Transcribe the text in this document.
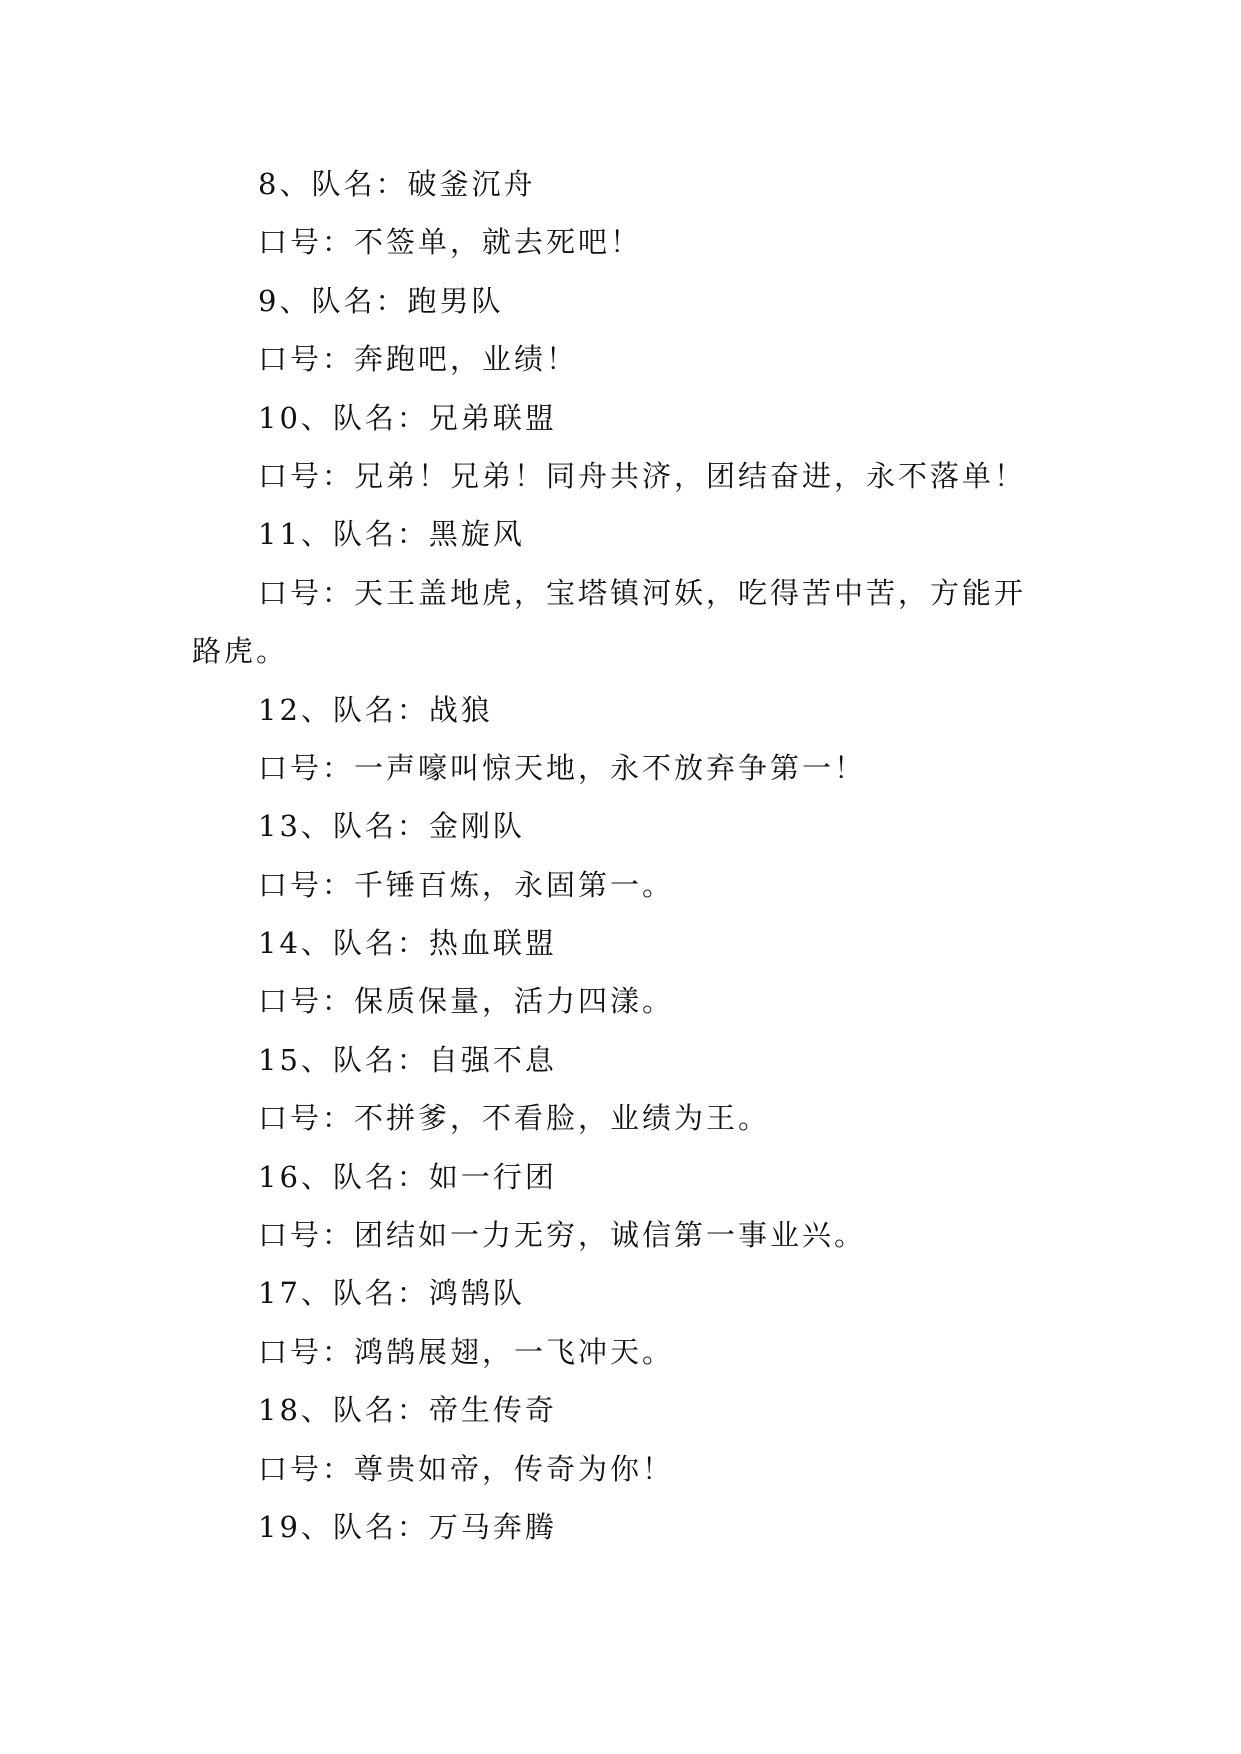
8、队名：破釜沉舟
口号：不签单，就去死吧！
9、队名：跑男队
口号：奔跑吧，业绩！
10、队名：兄弟联盟
口号：兄弟！兄弟！同舟共济，团结奋进，永不落单！
11、队名：黑旋风
口号：天王盖地虎，宝塔镇河妖，吃得苦中苦，方能开
路虎。
12、队名：战狼
口号：一声嚎叫惊天地，永不放弃争第一！
13、队名：金刚队
口号：千锤百炼，永固第一。
14、队名：热血联盟
口号：保质保量，活力四漾。
15、队名：自强不息
口号：不拼爹，不看脸，业绩为王。
16、队名：如一行团
口号：团结如一力无穷，诚信第一事业兴。
17、队名：鸿鹄队
口号：鸿鹄展翅，一飞冲天。
18、队名：帝生传奇
口号：尊贵如帝，传奇为你！
19、队名：万马奔腾
